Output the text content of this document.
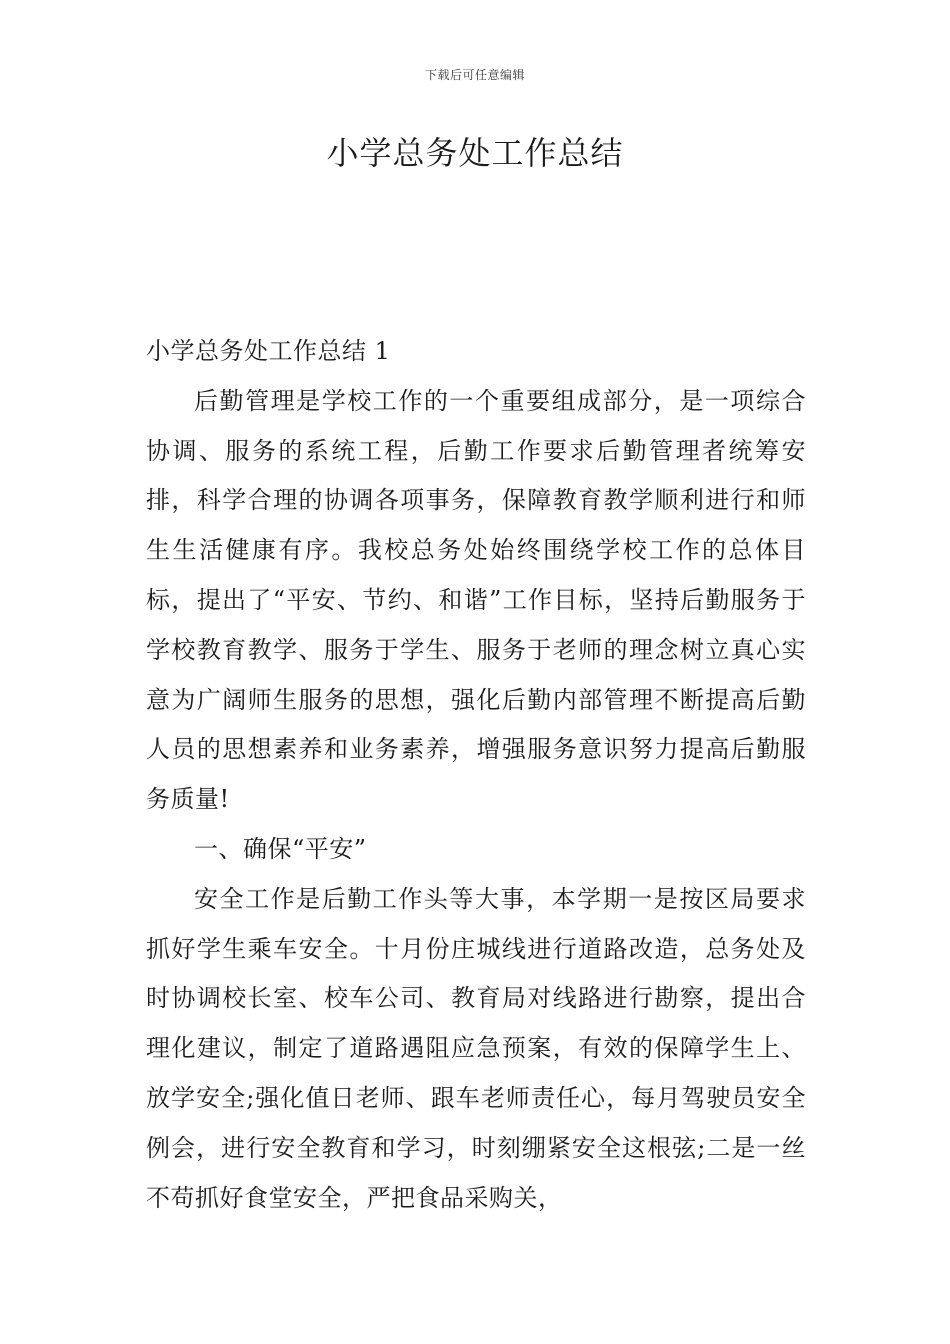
下载后可任意编辑
小学总务处工作总结

小学总务处工作总结 1

后勤管理是学校工作的一个重要组成部分，是一项综合协调、服务的系统工程，后勤工作要求后勤管理者统筹安排，科学合理的协调各项事务，保障教育教学顺利进行和师生生活健康有序。我校总务处始终围绕学校工作的总体目标，提出了“平安、节约、和谐”工作目标，坚持后勤服务于学校教育教学、服务于学生、服务于老师的理念树立真心实意为广阔师生服务的思想，强化后勤内部管理不断提高后勤人员的思想素养和业务素养，增强服务意识努力提高后勤服务质量!

一、确保“平安”

安全工作是后勤工作头等大事，本学期一是按区局要求抓好学生乘车安全。十月份庄城线进行道路改造，总务处及时协调校长室、校车公司、教育局对线路进行勘察，提出合理化建议，制定了道路遇阻应急预案，有效的保障学生上、放学安全;强化值日老师、跟车老师责任心，每月驾驶员安全例会，进行安全教育和学习，时刻绷紧安全这根弦;二是一丝不苟抓好食堂安全，严把食品采购关，
